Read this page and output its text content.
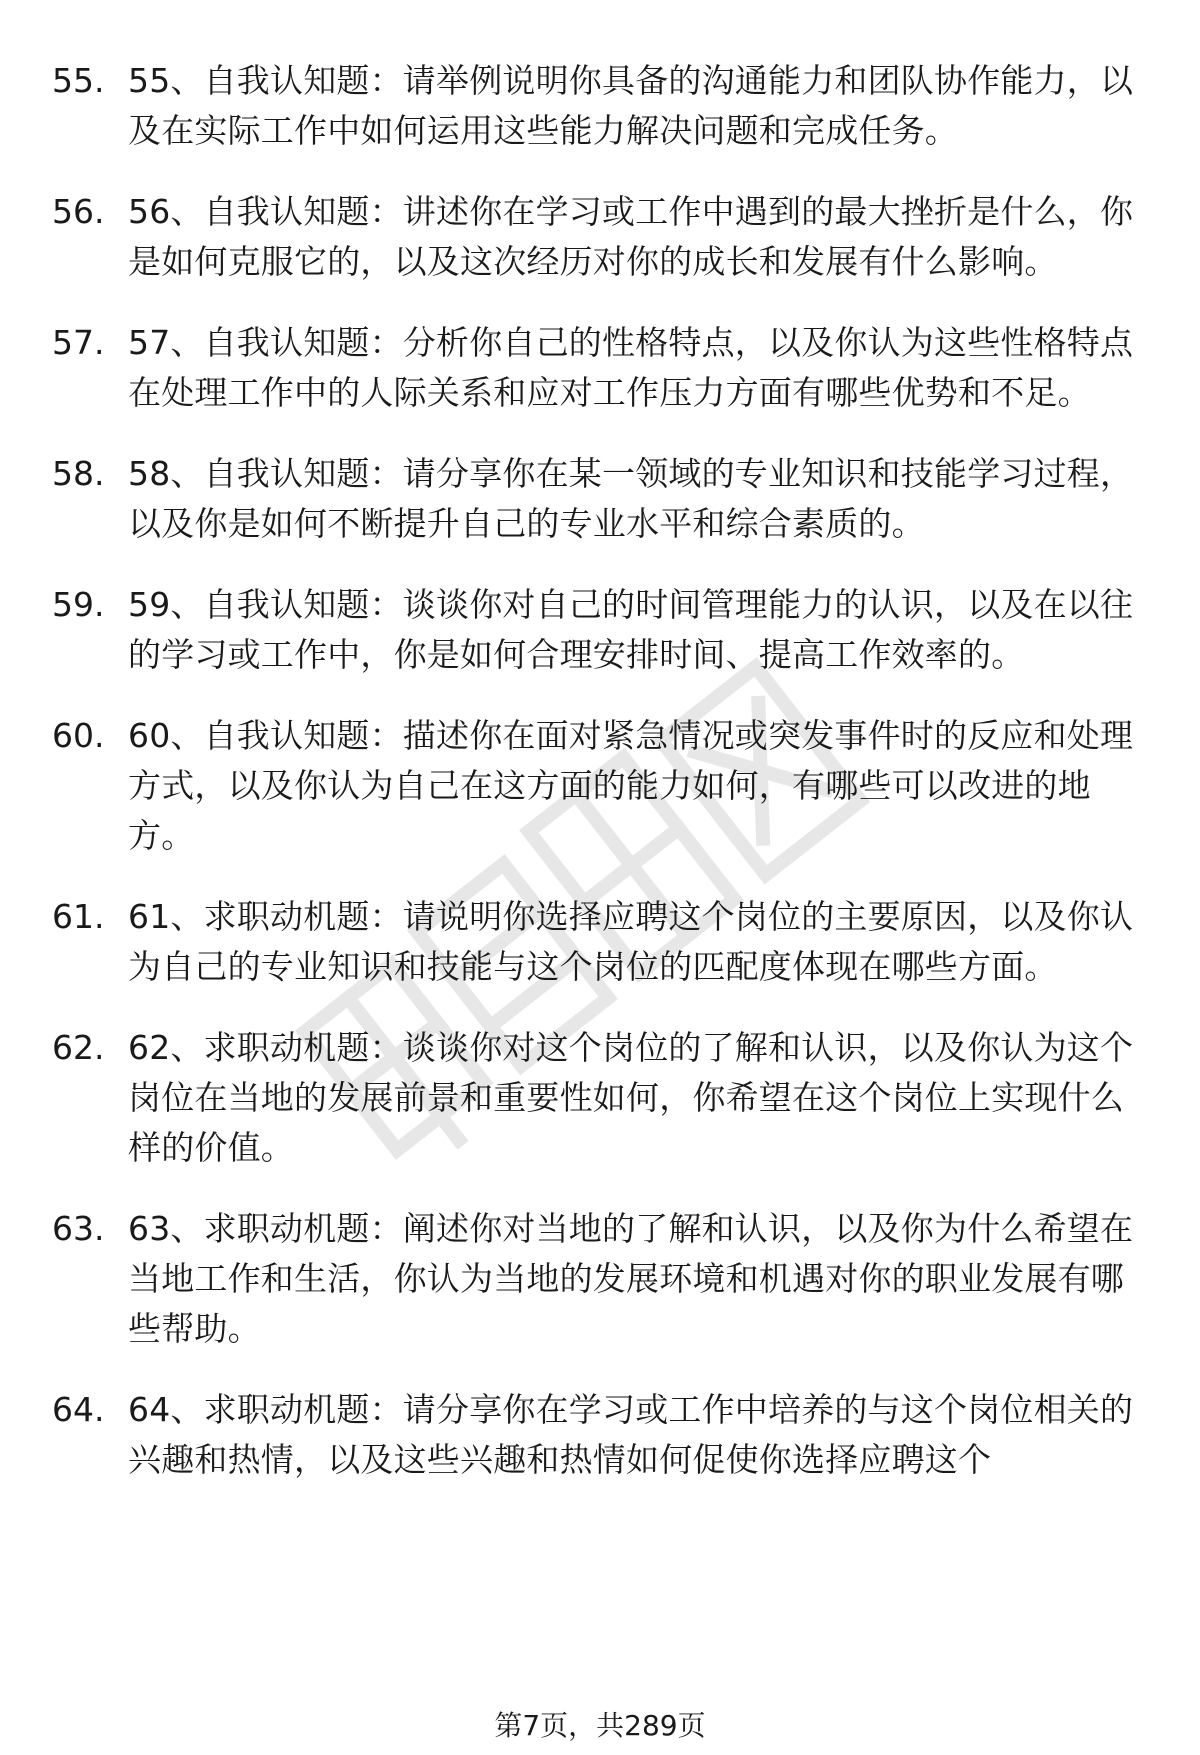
55. 55、自我认知题：请举例说明你具备的沟通能力和团队协作能力，以及在实际工作中如何运用这些能力解决问题和完成任务。
56. 56、自我认知题：讲述你在学习或工作中遇到的最大挫折是什么，你是如何克服它的，以及这次经历对你的成长和发展有什么影响。
57. 57、自我认知题：分析你自己的性格特点，以及你认为这些性格特点在处理工作中的人际关系和应对工作压力方面有哪些优势和不足。
58. 58、自我认知题：请分享你在某一领域的专业知识和技能学习过程，以及你是如何不断提升自己的专业水平和综合素质的。
59. 59、自我认知题：谈谈你对自己的时间管理能力的认识，以及在以往的学习或工作中，你是如何合理安排时间、提高工作效率的。
60. 60、自我认知题：描述你在面对紧急情况或突发事件时的反应和处理方式，以及你认为自己在这方面的能力如何，有哪些可以改进的地方。
61. 61、求职动机题：请说明你选择应聘这个岗位的主要原因，以及你认为自己的专业知识和技能与这个岗位的匹配度体现在哪些方面。
62. 62、求职动机题：谈谈你对这个岗位的了解和认识，以及你认为这个岗位在当地的发展前景和重要性如何，你希望在这个岗位上实现什么样的价值。
63. 63、求职动机题：阐述你对当地的了解和认识，以及你为什么希望在当地工作和生活，你认为当地的发展环境和机遇对你的职业发展有哪些帮助。
64. 64、求职动机题：请分享你在学习或工作中培养的与这个岗位相关的兴趣和热情，以及这些兴趣和热情如何促使你选择应聘这个
第7页，共289页
